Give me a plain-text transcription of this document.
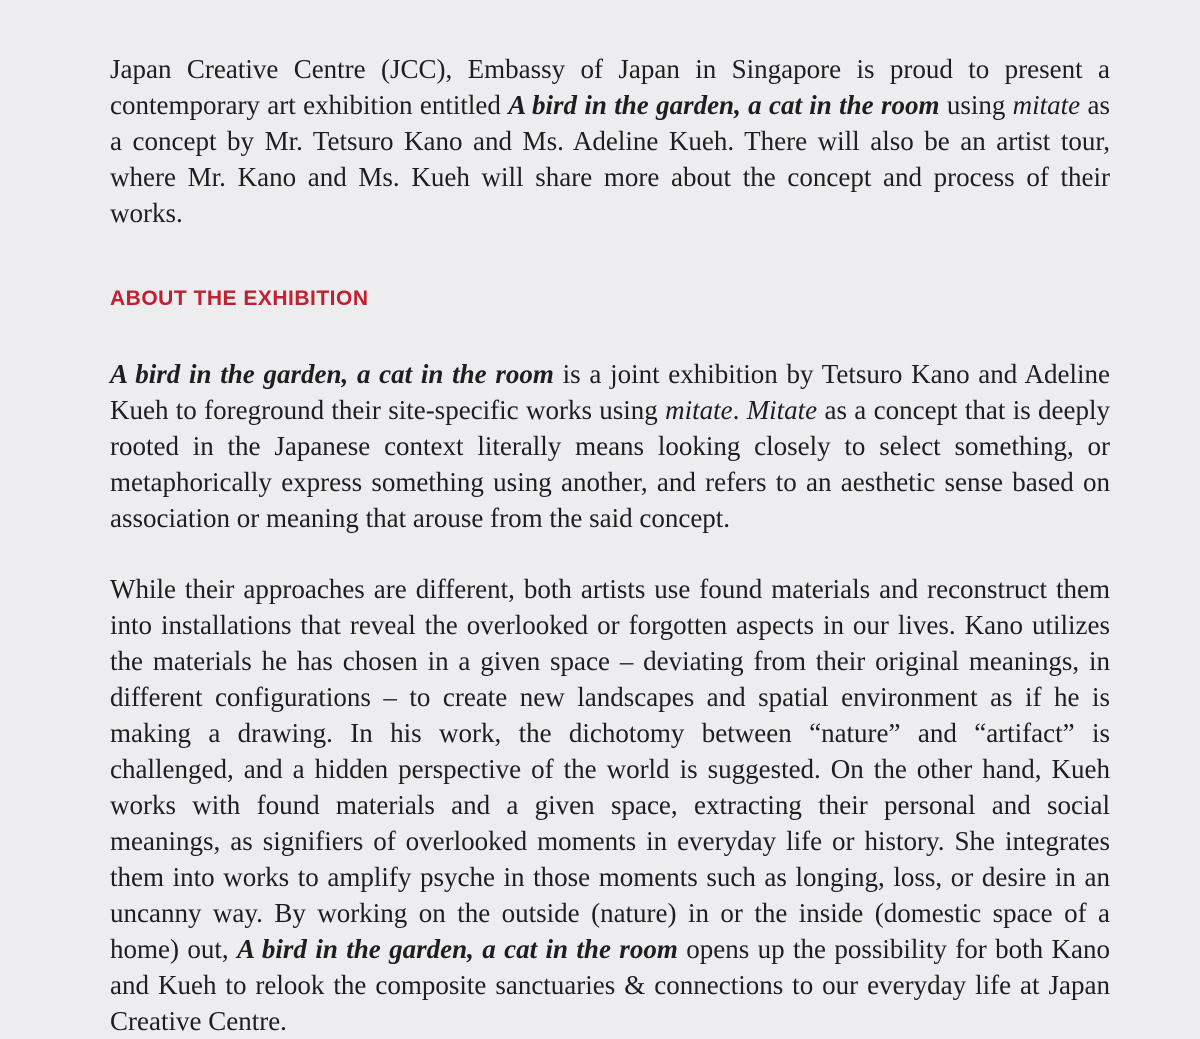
Japan Creative Centre (JCC), Embassy of Japan in Singapore is proud to present a contemporary art exhibition entitled A bird in the garden, a cat in the room using mitate as a concept by Mr. Tetsuro Kano and Ms. Adeline Kueh. There will also be an artist tour, where Mr. Kano and Ms. Kueh will share more about the concept and process of their works.

ABOUT THE EXHIBITION

A bird in the garden, a cat in the room is a joint exhibition by Tetsuro Kano and Adeline Kueh to foreground their site-specific works using mitate. Mitate as a concept that is deeply rooted in the Japanese context literally means looking closely to select something, or metaphorically express something using another, and refers to an aesthetic sense based on association or meaning that arouse from the said concept.

While their approaches are different, both artists use found materials and reconstruct them into installations that reveal the overlooked or forgotten aspects in our lives. Kano utilizes the materials he has chosen in a given space – deviating from their original meanings, in different configurations – to create new landscapes and spatial environment as if he is making a drawing. In his work, the dichotomy between “nature” and “artifact” is challenged, and a hidden perspective of the world is suggested. On the other hand, Kueh works with found materials and a given space, extracting their personal and social meanings, as signifiers of overlooked moments in everyday life or history. She integrates them into works to amplify psyche in those moments such as longing, loss, or desire in an uncanny way. By working on the outside (nature) in or the inside (domestic space of a home) out, A bird in the garden, a cat in the room opens up the possibility for both Kano and Kueh to relook the composite sanctuaries & connections to our everyday life at Japan Creative Centre.
